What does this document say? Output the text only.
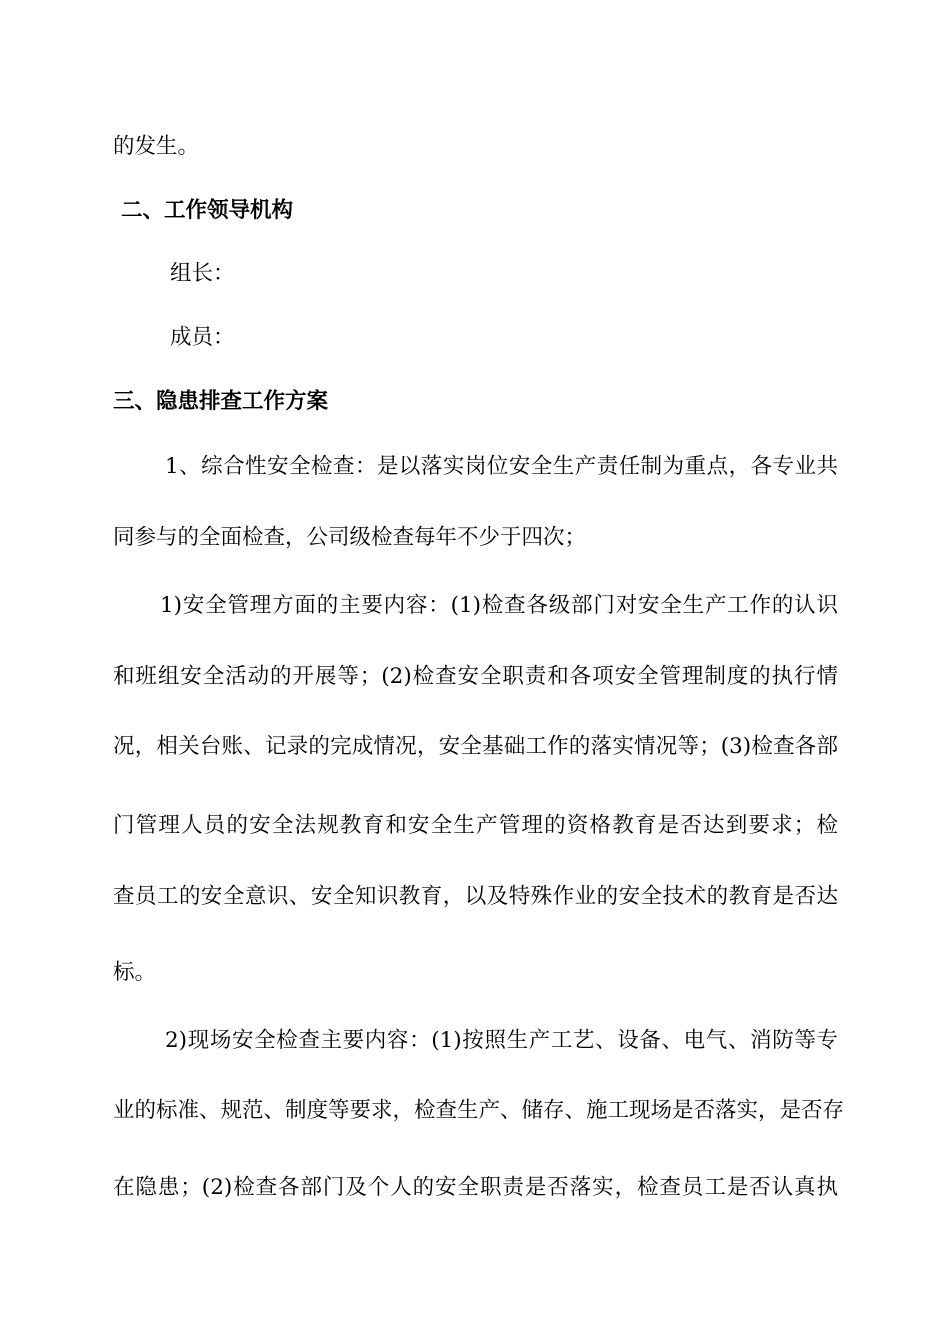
的发生。
二、工作领导机构
组长：
成员：
三、隐患排查工作方案
1、综合性安全检查：是以落实岗位安全生产责任制为重点，各专业共
同参与的全面检查，公司级检查每年不少于四次；
1)安全管理方面的主要内容：(1)检查各级部门对安全生产工作的认识
和班组安全活动的开展等；(2)检查安全职责和各项安全管理制度的执行情
况，相关台账、记录的完成情况，安全基础工作的落实情况等；(3)检查各部
门管理人员的安全法规教育和安全生产管理的资格教育是否达到要求；检
查员工的安全意识、安全知识教育，以及特殊作业的安全技术的教育是否达
标。
2)现场安全检查主要内容：(1)按照生产工艺、设备、电气、消防等专
业的标准、规范、制度等要求，检查生产、储存、施工现场是否落实，是否存
在隐患；(2)检查各部门及个人的安全职责是否落实，检查员工是否认真执
